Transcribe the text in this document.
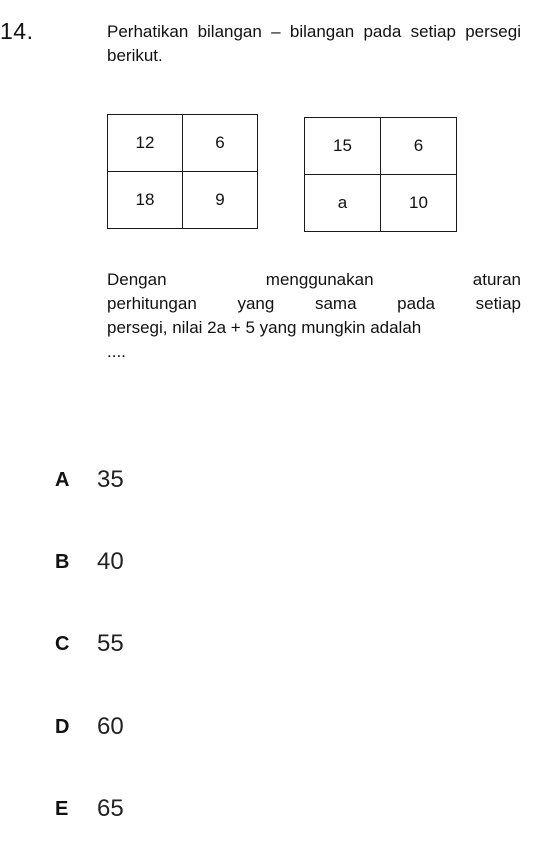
14.	Perhatikan bilangan – bilangan pada setiap persegi berikut.
12	6
18	9
15	6
a	10
Dengan menggunakan aturan
perhitungan yang sama pada setiap
persegi, nilai 2a + 5 yang mungkin adalah
....
A	35
B	40
C	55
D	60
E	65
